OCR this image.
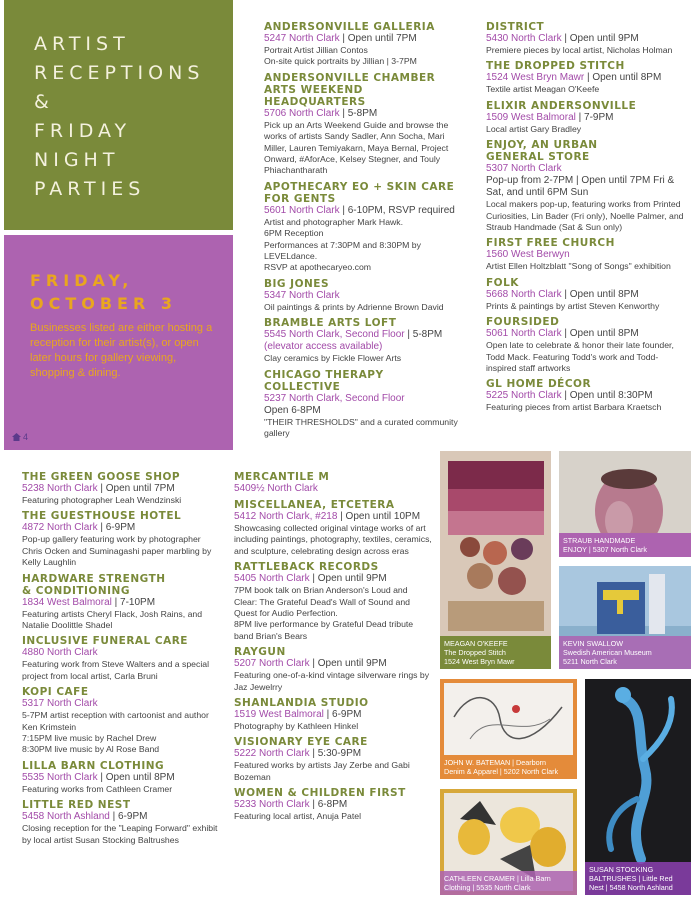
ARTIST
RECEPTIONS
&
FRIDAY
NIGHT
PARTIES
FRIDAY,
OCTOBER 3
Businesses listed are either hosting a reception for their artist(s), or open later hours for gallery viewing, shopping & dining.
4
ANDERSONVILLE GALLERIA
5247 North Clark | Open until 7PM
Portrait Artist Jillian Contos
On-site quick portraits by Jillian | 3-7PM
ANDERSONVILLE CHAMBER
ARTS WEEKEND HEADQUARTERS
5706 North Clark | 5-8PM
Pick up an Arts Weekend Guide and browse the works of artists Sandy Sadler, Ann Socha, Mari Miller, Lauren Temiyakarn, Maya Bernal, Project Onward, #AforAce, Kelsey Stegner, and Touly Phiachantharath
APOTHECARY EO + SKIN CARE
FOR GENTS
5601 North Clark | 6-10PM, RSVP required
Artist and photographer Mark Hawk.
6PM Reception
Performances at 7:30PM and 8:30PM by LEVELdance.
RSVP at apothecaryeo.com
BIG JONES
5347 North Clark
Oil paintings & prints by Adrienne Brown David
BRAMBLE ARTS LOFT
5545 North Clark, Second Floor | 5-8PM
(elevator access available)
Clay ceramics by Fickle Flower Arts
CHICAGO THERAPY
COLLECTIVE
5237 North Clark, Second Floor
Open 6-8PM
"THEIR THRESHOLDS" and a curated community gallery
DISTRICT
5430 North Clark | Open until 9PM
Premiere pieces by local artist, Nicholas Holman
THE DROPPED STITCH
1524 West Bryn Mawr | Open until 8PM
Textile artist Meagan O'Keefe
ELIXIR ANDERSONVILLE
1509 West Balmoral | 7-9PM
Local artist Gary Bradley
ENJOY, AN URBAN
GENERAL STORE
5307 North Clark
Pop-up from 2-7PM | Open until 7PM Fri & Sat, and until 6PM Sun
Local makers pop-up, featuring works from Printed Curiosities, Lin Bader (Fri only), Noelle Palmer, and Straub Handmade (Sat & Sun only)
FIRST FREE CHURCH
1560 West Berwyn
Artist Ellen Holtzblatt "Song of Songs" exhibition
FOLK
5668 North Clark | Open until 8PM
Prints & paintings by artist Steven Kenworthy
FOURSIDED
5061 North Clark | Open until 8PM
Open late to celebrate & honor their late founder, Todd Mack. Featuring Todd's work and Todd-inspired staff artworks
GL HOME DÉCOR
5225 North Clark | Open until 8:30PM
Featuring pieces from artist Barbara Kraetsch
THE GREEN GOOSE SHOP
5238 North Clark | Open until 7PM
Featuring photographer Leah Wendzinski
THE GUESTHOUSE HOTEL
4872 North Clark | 6-9PM
Pop-up gallery featuring work by photographer Chris Ocken and Suminagashi paper marbling by Kelly Laughlin
HARDWARE STRENGTH
& CONDITIONING
1834 West Balmoral | 7-10PM
Featuring artists Cheryl Flack, Josh Rains, and Natalie Doolittle Shadel
INCLUSIVE FUNERAL CARE
4880 North Clark
Featuring work from Steve Walters and a special project from local artist, Carla Bruni
KOPI CAFE
5317 North Clark
5-7PM artist reception with cartoonist and author Ken Krimstein
7:15PM live music by Rachel Drew
8:30PM live music by Al Rose Band
LILLA BARN CLOTHING
5535 North Clark | Open until 8PM
Featuring works from Cathleen Cramer
LITTLE RED NEST
5458 North Ashland | 6-9PM
Closing reception for the "Leaping Forward" exhibit by local artist Susan Stocking Baltrushes
MERCANTILE M
5409½ North Clark
MISCELLANEA, ETCETERA
5412 North Clark, #218 | Open until 10PM
Showcasing collected original vintage works of art including paintings, photography, textiles, ceramics, and sculpture, celebrating design across eras
RATTLEBACK RECORDS
5405 North Clark | Open until 9PM
7PM book talk on Brian Anderson's Loud and Clear: The Grateful Dead's Wall of Sound and Quest for Audio Perfection.
8PM live performance by Grateful Dead tribute band Brian's Bears
RAYGUN
5207 North Clark | Open until 9PM
Featuring one-of-a-kind vintage silverware rings by Jaz Jewelrry
SHANLANDIA STUDIO
1519 West Balmoral | 6-9PM
Photography by Kathleen Hinkel
VISIONARY EYE CARE
5222 North Clark | 5:30-9PM
Featured works by artists Jay Zerbe and Gabi Bozeman
WOMEN & CHILDREN FIRST
5233 North Clark | 6-8PM
Featuring local artist, Anuja Patel
MEAGAN O'KEEFE
The Dropped Stitch
1524 West Bryn Mawr
STRAUB HANDMADE
ENJOY | 5307 North Clark
KEVIN SWALLOW
Swedish American Museum
5211 North Clark
JOHN W. BATEMAN | Dearborn
Denim & Apparel | 5202 North Clark
CATHLEEN CRAMER | Lilla Barn
Clothing | 5535 North Clark
SUSAN STOCKING
BALTRUSHES | Little Red
Nest | 5458 North Ashland
